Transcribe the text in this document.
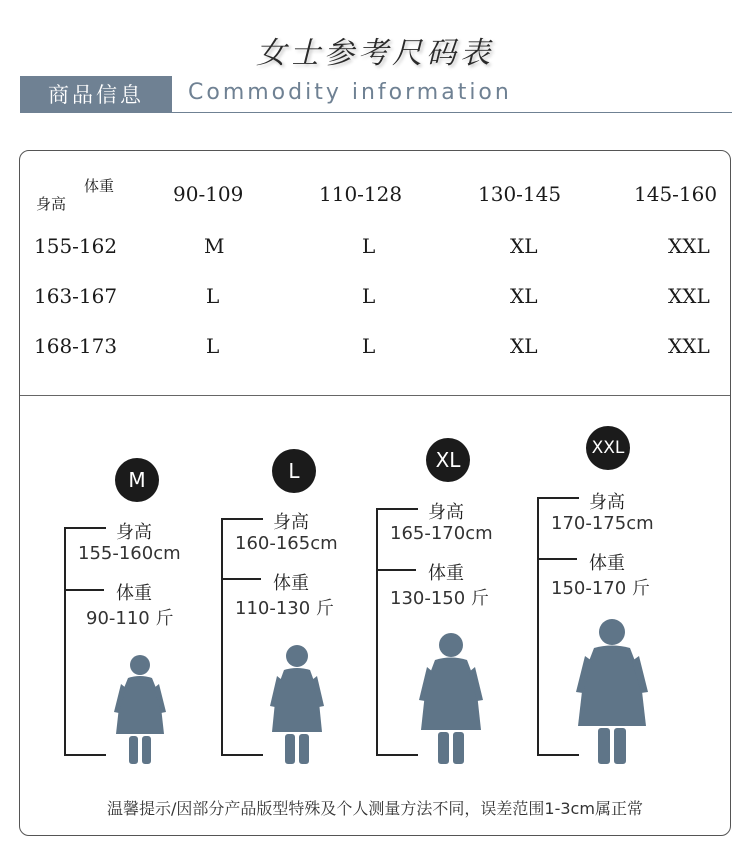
女士参考尺码表
商品信息	Commodity information
体重
身高	90-109	110-128	130-145	145-160
155-162	M	L	XL	XXL
163-167	L	L	XL	XXL
168-173	L	L	XL	XXL
M
身高
155-160cm
体重
90-110 斤
L
身高
160-165cm
体重
110-130 斤
XL
身高
165-170cm
体重
130-150 斤
XXL
身高
170-175cm
体重
150-170 斤
温馨提示/因部分产品版型特殊及个人测量方法不同，误差范围1-3cm属正常
